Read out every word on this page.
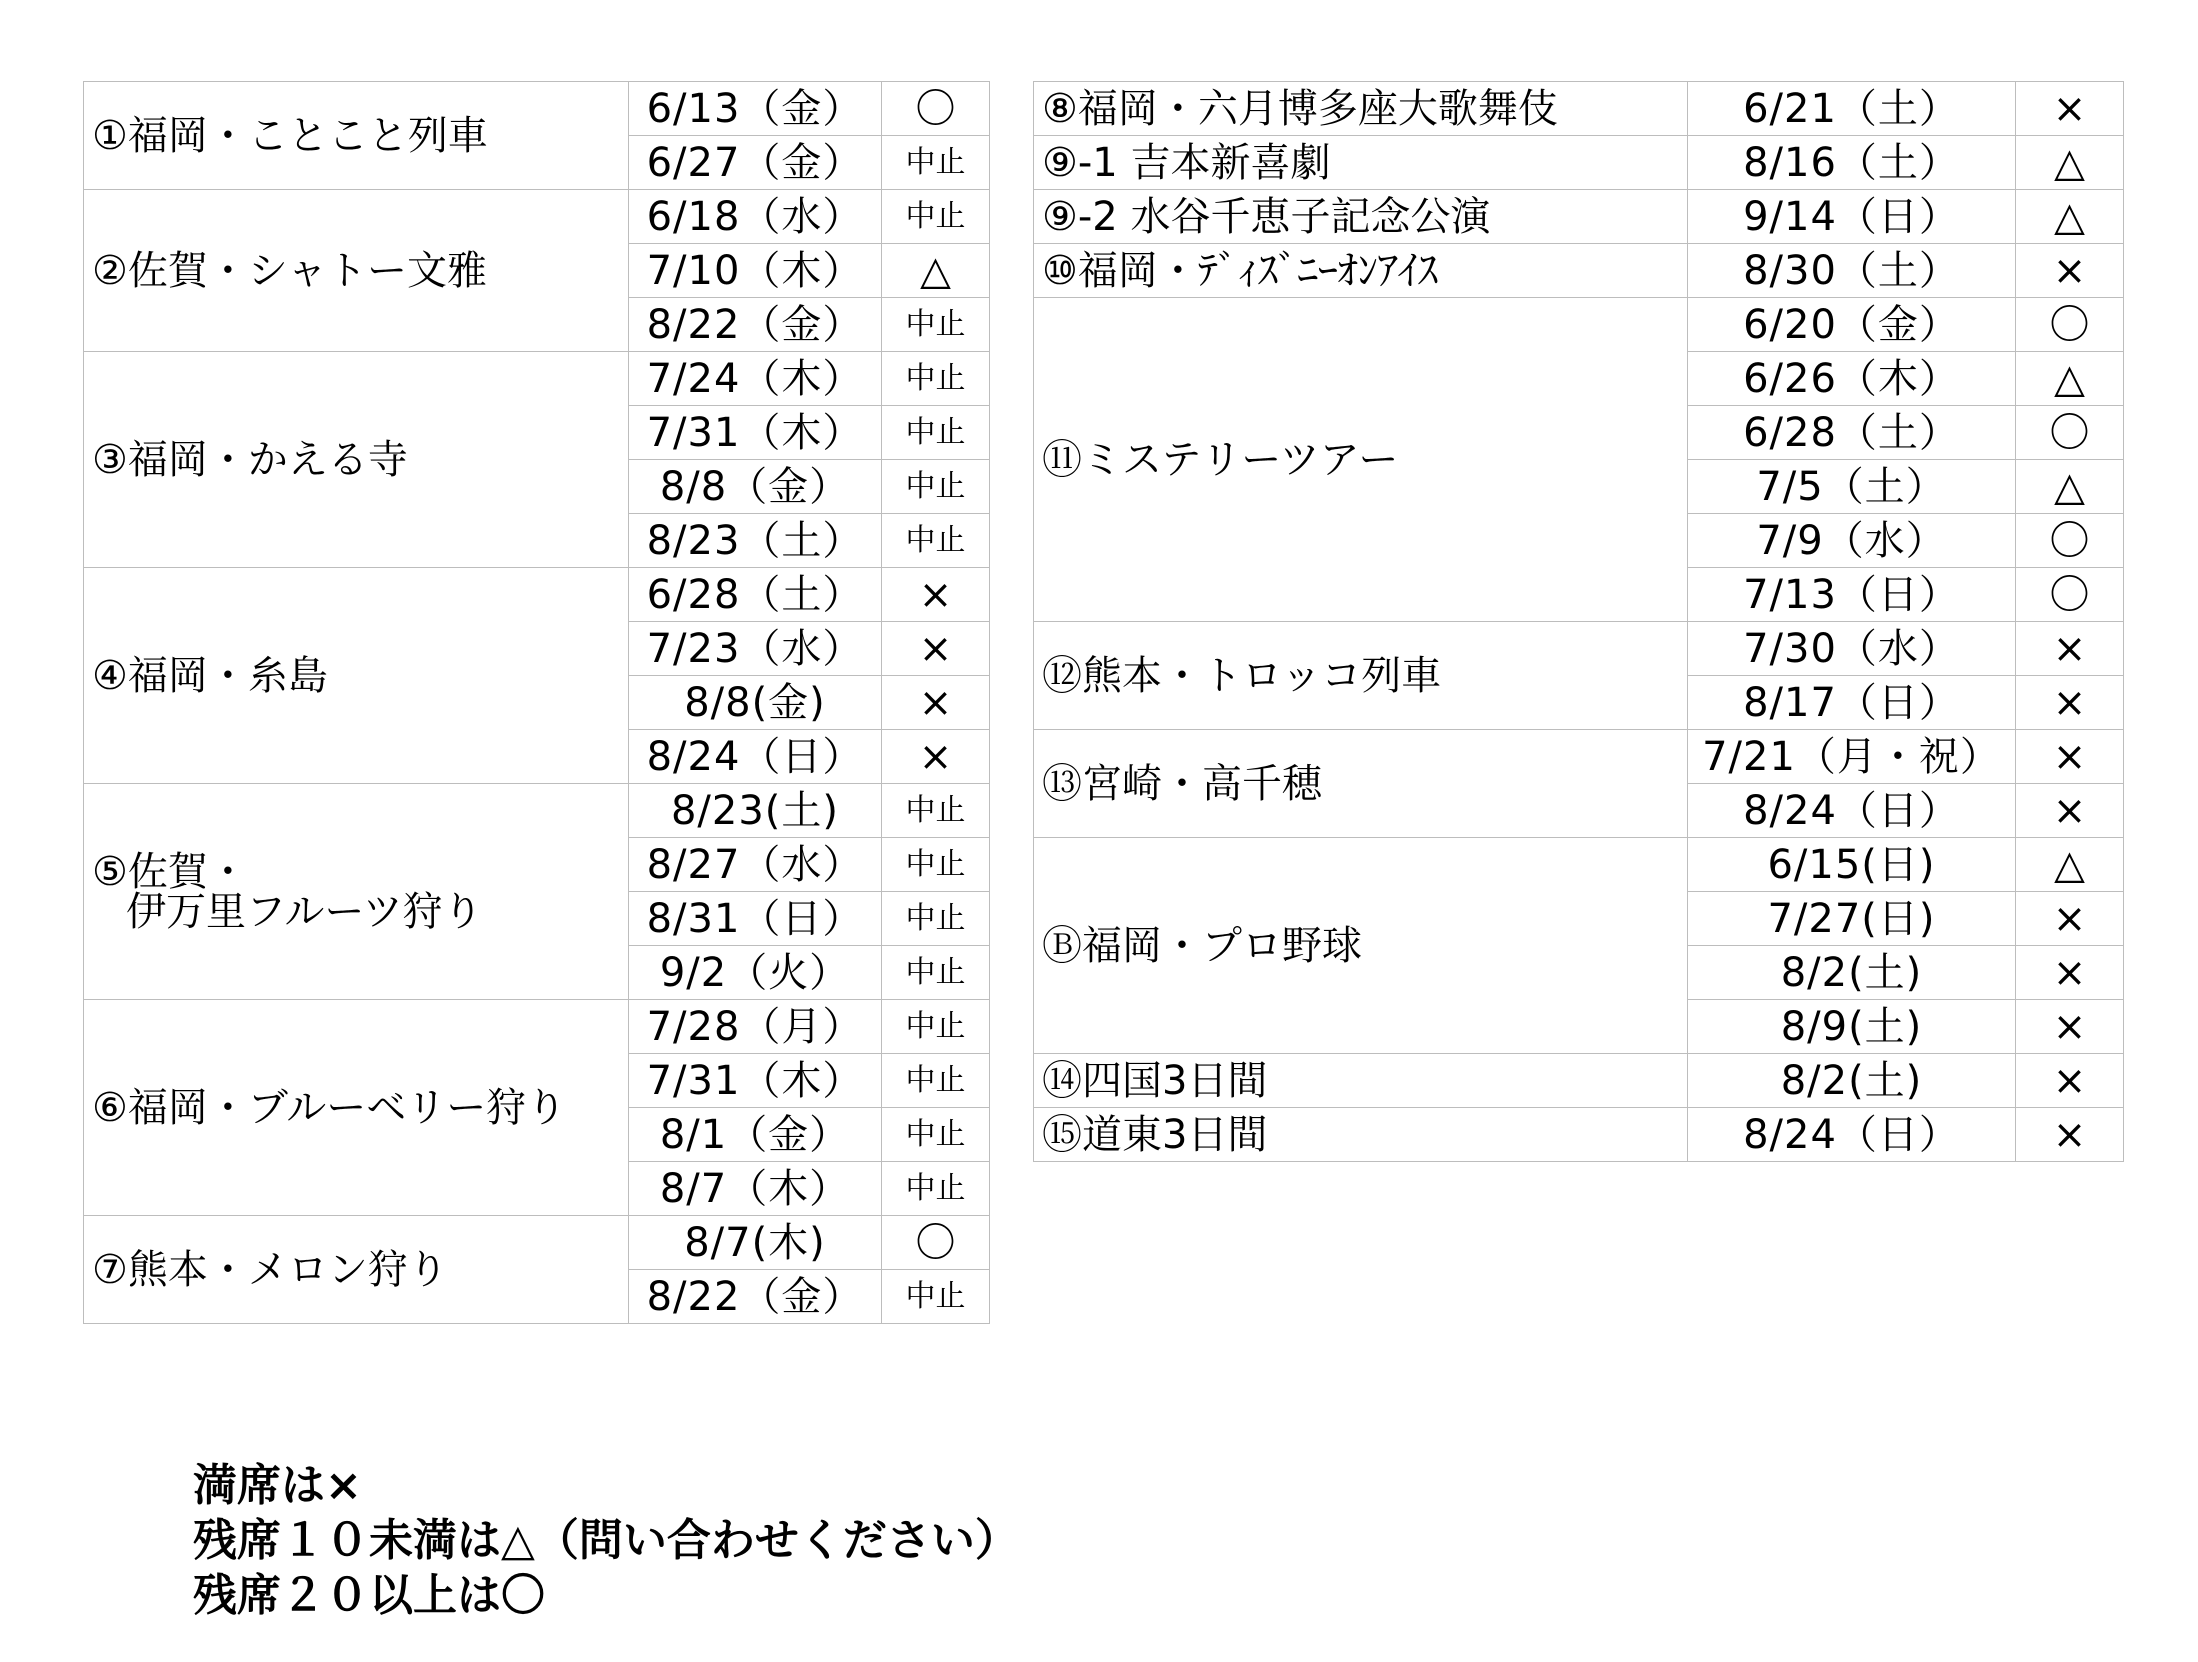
①福岡・ことこと列車	6/13（金）	〇
	6/27（金）	中止

②佐賀・シャトー文雅	6/18（水）	中止
	7/10（木）	△
	8/22（金）	中止

③福岡・かえる寺	7/24（木）	中止
	7/31（木）	中止
	8/8（金）	中止
	8/23（土）	中止

④福岡・糸島	6/28（土）	×
	7/23（水）	×
	8/8(金)	×
	8/24（日）	×

⑤佐賀・
伊万里フルーツ狩り	8/23(土)	中止
	8/27（水）	中止
	8/31（日）	中止
	9/2（火）	中止

⑥福岡・ブルーベリー狩り	7/28（月）	中止
	7/31（木）	中止
	8/1（金）	中止
	8/7（木）	中止

⑦熊本・メロン狩り	8/7(木)	〇
	8/22（金）	中止
⑧福岡・六月博多座大歌舞伎	6/21（土）	×

⑨-1 吉本新喜劇	8/16（土）	△

⑨-2 水谷千恵子記念公演	9/14（日）	△

⑩福岡・ﾃﾞｨｽﾞﾆｰｵﾝｱｲｽ	8/30（土）	×

⑪ミステリーツアー	6/20（金）	〇
	6/26（木）	△
	6/28（土）	〇
	7/5（土）	△
	7/9（水）	〇
	7/13（日）	〇

⑫熊本・トロッコ列車	7/30（水）	×
	8/17（日）	×

⑬宮崎・高千穂	7/21（月・祝）	×
	8/24（日）	×

Ⓑ福岡・プロ野球	6/15(日)	△
	7/27(日)	×
	8/2(土)	×
	8/9(土)	×

⑭四国3日間	8/2(土)	×

⑮道東3日間	8/24（日）	×
満席は×
残席１０未満は△（問い合わせください）
残席２０以上は〇
